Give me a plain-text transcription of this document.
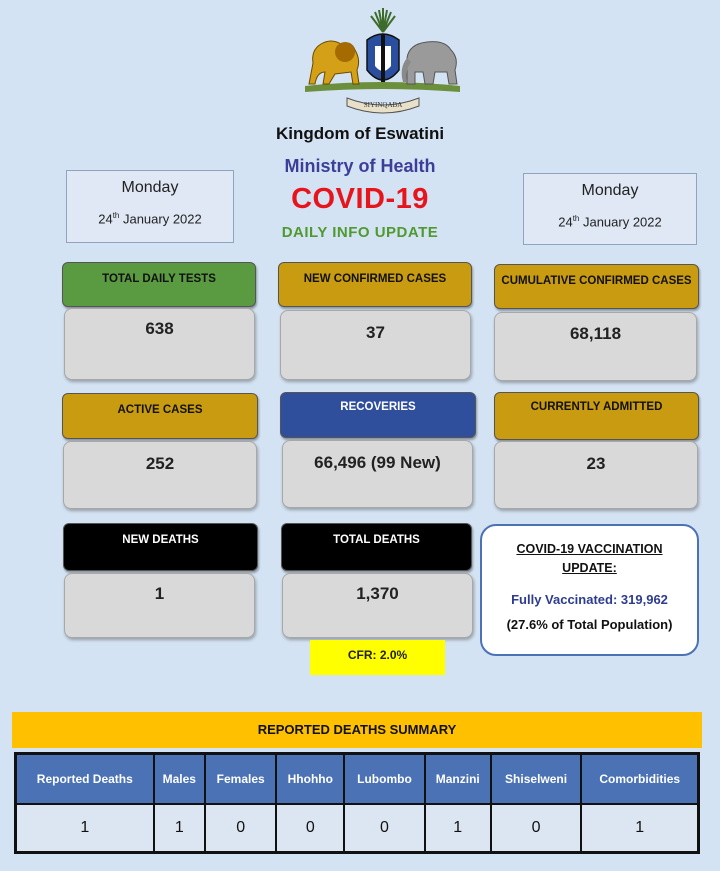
SIYINQABA
Kingdom of Eswatini
Ministry of Health
COVID-19
DAILY INFO UPDATE
Monday
24th January 2022
Monday
24th January 2022
TOTAL DAILY TESTS
638
NEW CONFIRMED CASES
37
CUMULATIVE CONFIRMED CASES
68,118
ACTIVE CASES
252
RECOVERIES
66,496 (99 New)
CURRENTLY ADMITTED
23
NEW DEATHS
1
TOTAL DEATHS
1,370
CFR: 2.0%
COVID-19 VACCINATION
UPDATE:
Fully Vaccinated: 319,962
(27.6% of Total Population)
REPORTED DEATHS SUMMARY
Reported Deaths	Males	Females	Hhohho	Lubombo	Manzini	Shiselweni	Comorbidities
1	1	0	0	0	1	0	1
